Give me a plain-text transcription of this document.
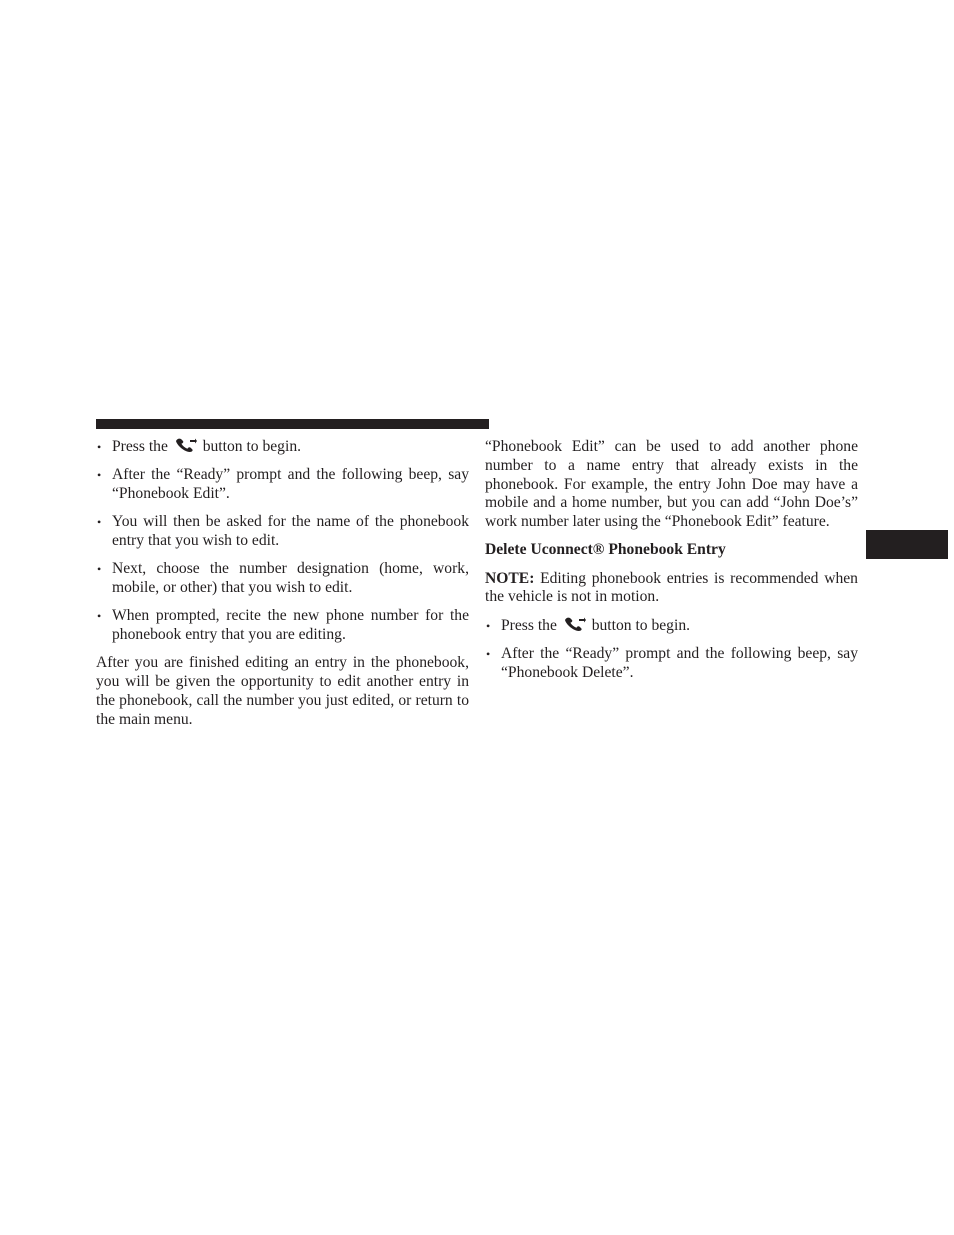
• Press the button to begin.
• After the “Ready” prompt and the following beep, say “Phonebook Edit”.
• You will then be asked for the name of the phonebook entry that you wish to edit.
• Next, choose the number designation (home, work, mobile, or other) that you wish to edit.
• When prompted, recite the new phone number for the phonebook entry that you are editing.

After you are finished editing an entry in the phonebook, you will be given the opportunity to edit another entry in the phonebook, call the number you just edited, or return to the main menu.

“Phonebook Edit” can be used to add another phone number to a name entry that already exists in the phonebook. For example, the entry John Doe may have a mobile and a home number, but you can add “John Doe’s” work number later using the “Phonebook Edit” feature.

Delete Uconnect® Phonebook Entry

NOTE: Editing phonebook entries is recommended when the vehicle is not in motion.

• Press the button to begin.
• After the “Ready” prompt and the following beep, say “Phonebook Delete”.
